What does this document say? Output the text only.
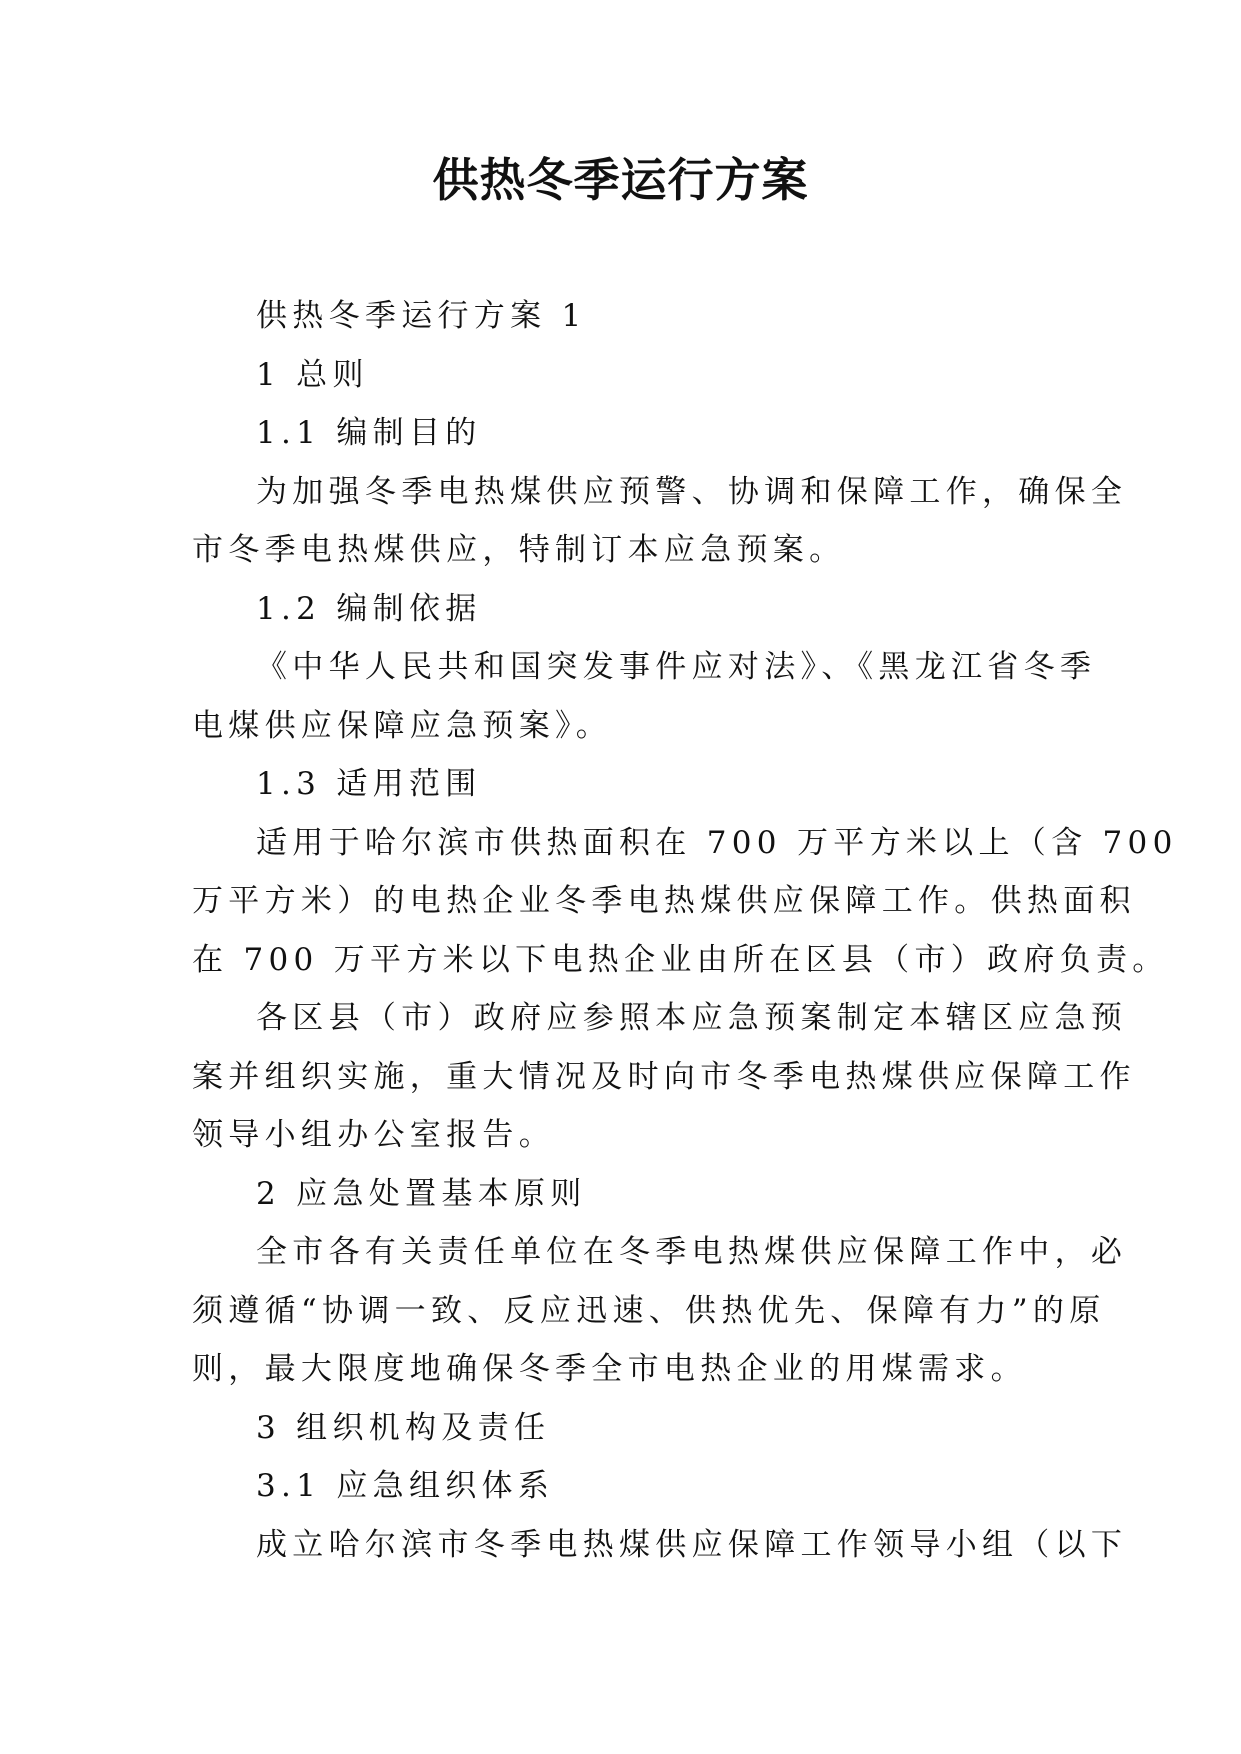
供热冬季运行方案
供热冬季运行方案 1
1 总则
1.1 编制目的
为加强冬季电热煤供应预警、协调和保障工作，确保全
市冬季电热煤供应，特制订本应急预案。
1.2 编制依据
《中华人民共和国突发事件应对法》、《黑龙江省冬季
电煤供应保障应急预案》。
1.3 适用范围
适用于哈尔滨市供热面积在 700 万平方米以上（含 700
万平方米）的电热企业冬季电热煤供应保障工作。供热面积
在 700 万平方米以下电热企业由所在区县（市）政府负责。
各区县（市）政府应参照本应急预案制定本辖区应急预
案并组织实施，重大情况及时向市冬季电热煤供应保障工作
领导小组办公室报告。
2 应急处置基本原则
全市各有关责任单位在冬季电热煤供应保障工作中，必
须遵循“协调一致、反应迅速、供热优先、保障有力”的原
则，最大限度地确保冬季全市电热企业的用煤需求。
3 组织机构及责任
3.1 应急组织体系
成立哈尔滨市冬季电热煤供应保障工作领导小组（以下
